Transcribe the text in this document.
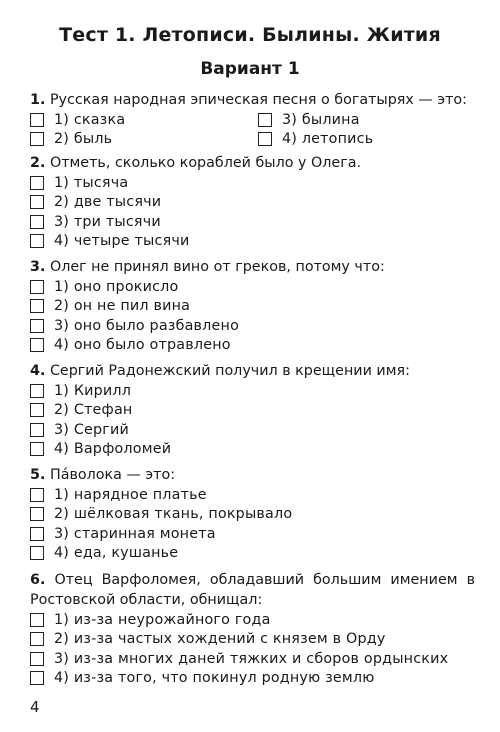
Тест 1. Летописи. Былины. Жития
Вариант 1
1. Русская народная эпическая песня о богатырях — это:
1) сказка	3) былина
2) быль	4) летопись
2. Отметь, сколько кораблей было у Олега.
1) тысяча
2) две тысячи
3) три тысячи
4) четыре тысячи
3. Олег не принял вино от греков, потому что:
1) оно прокисло
2) он не пил вина
3) оно было разбавлено
4) оно было отравлено
4. Сергий Радонежский получил в крещении имя:
1) Кирилл
2) Стефан
3) Сергий
4) Варфоломей
5. Па́волока — это:
1) нарядное платье
2) шёлковая ткань, покрывало
3) старинная монета
4) еда, кушанье
6. Отец Варфоломея, обладавший большим имением в Ростовской области, обнищал:
1) из-за неурожайного года
2) из-за частых хождений с князем в Орду
3) из-за многих даней тяжких и сборов ордынских
4) из-за того, что покинул родную землю
4
